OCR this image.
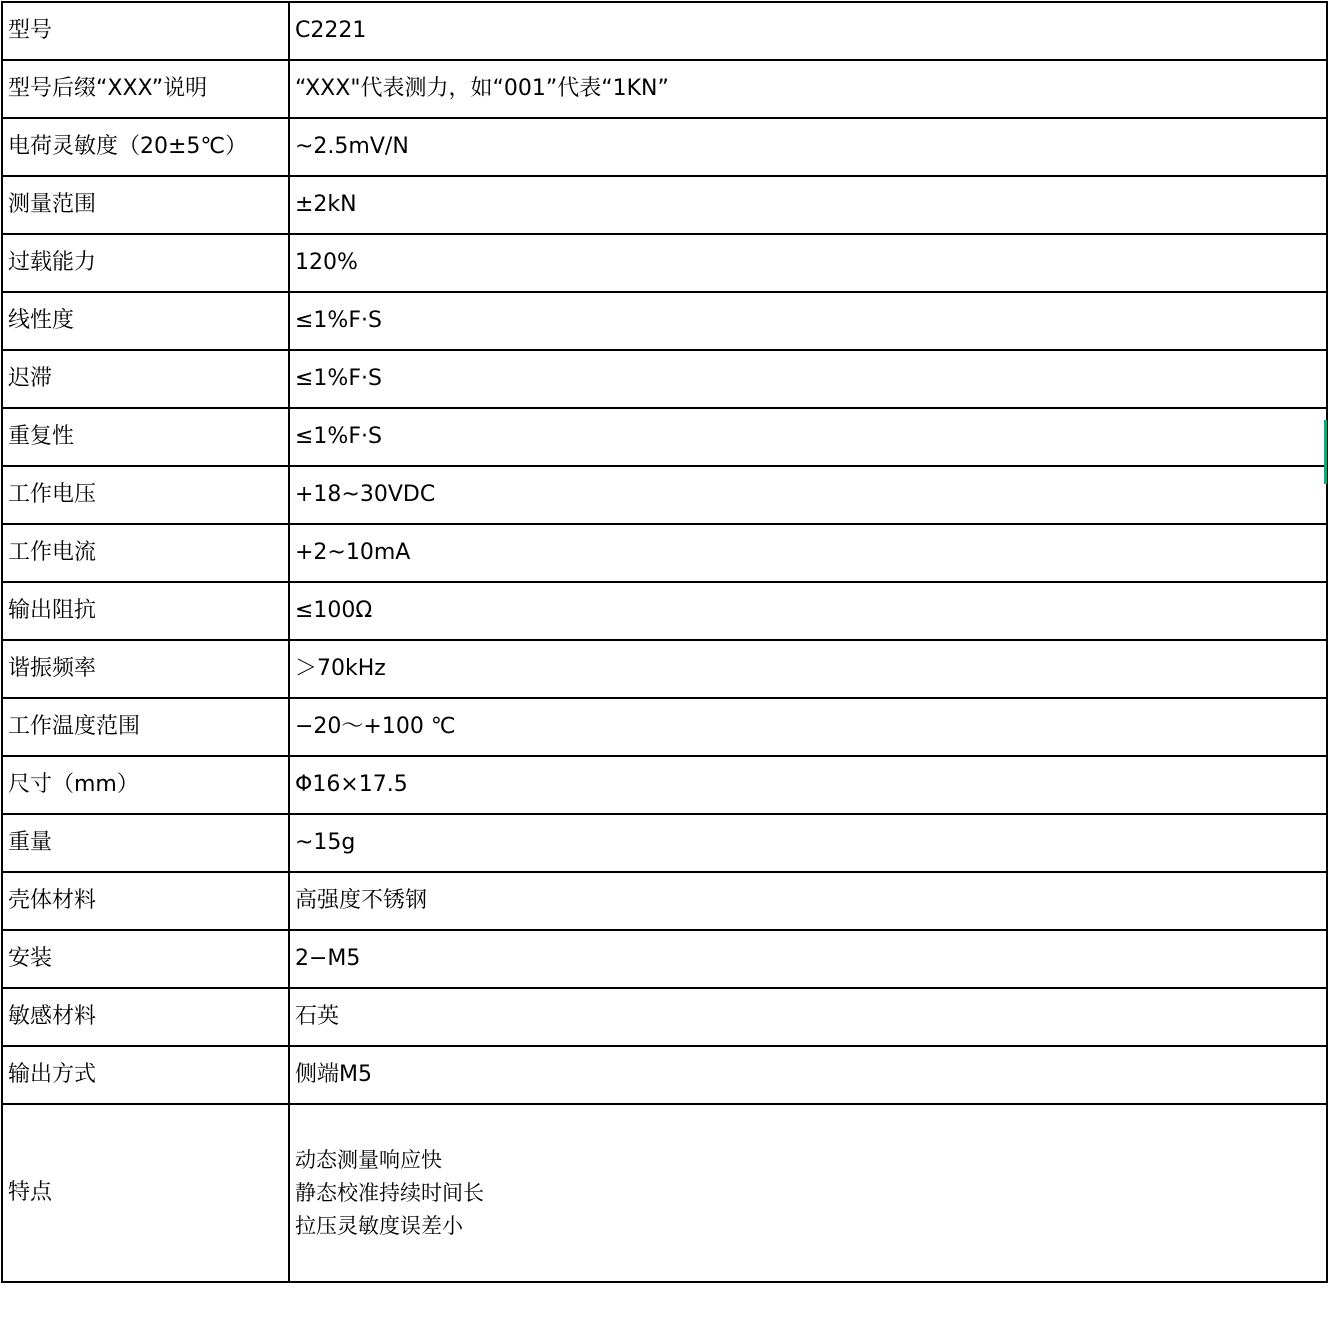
型号	C2221
型号后缀“XXX”说明	“XXX"代表测力，如“001”代表“1KN”
电荷灵敏度（20±5℃）	~2.5mV/N
测量范围	±2kN
过载能力	120%
线性度	≤1%F·S
迟滞	≤1%F·S
重复性	≤1%F·S
工作电压	+18~30VDC
工作电流	+2~10mA
输出阻抗	≤100Ω
谐振频率	＞70kHz
工作温度范围	−20～+100 ℃
尺寸（mm）	Φ16×17.5
重量	~15g
壳体材料	高强度不锈钢
安装	2−M5
敏感材料	石英
输出方式	侧端M5
特点	动态测量响应快
静态校准持续时间长
拉压灵敏度误差小
